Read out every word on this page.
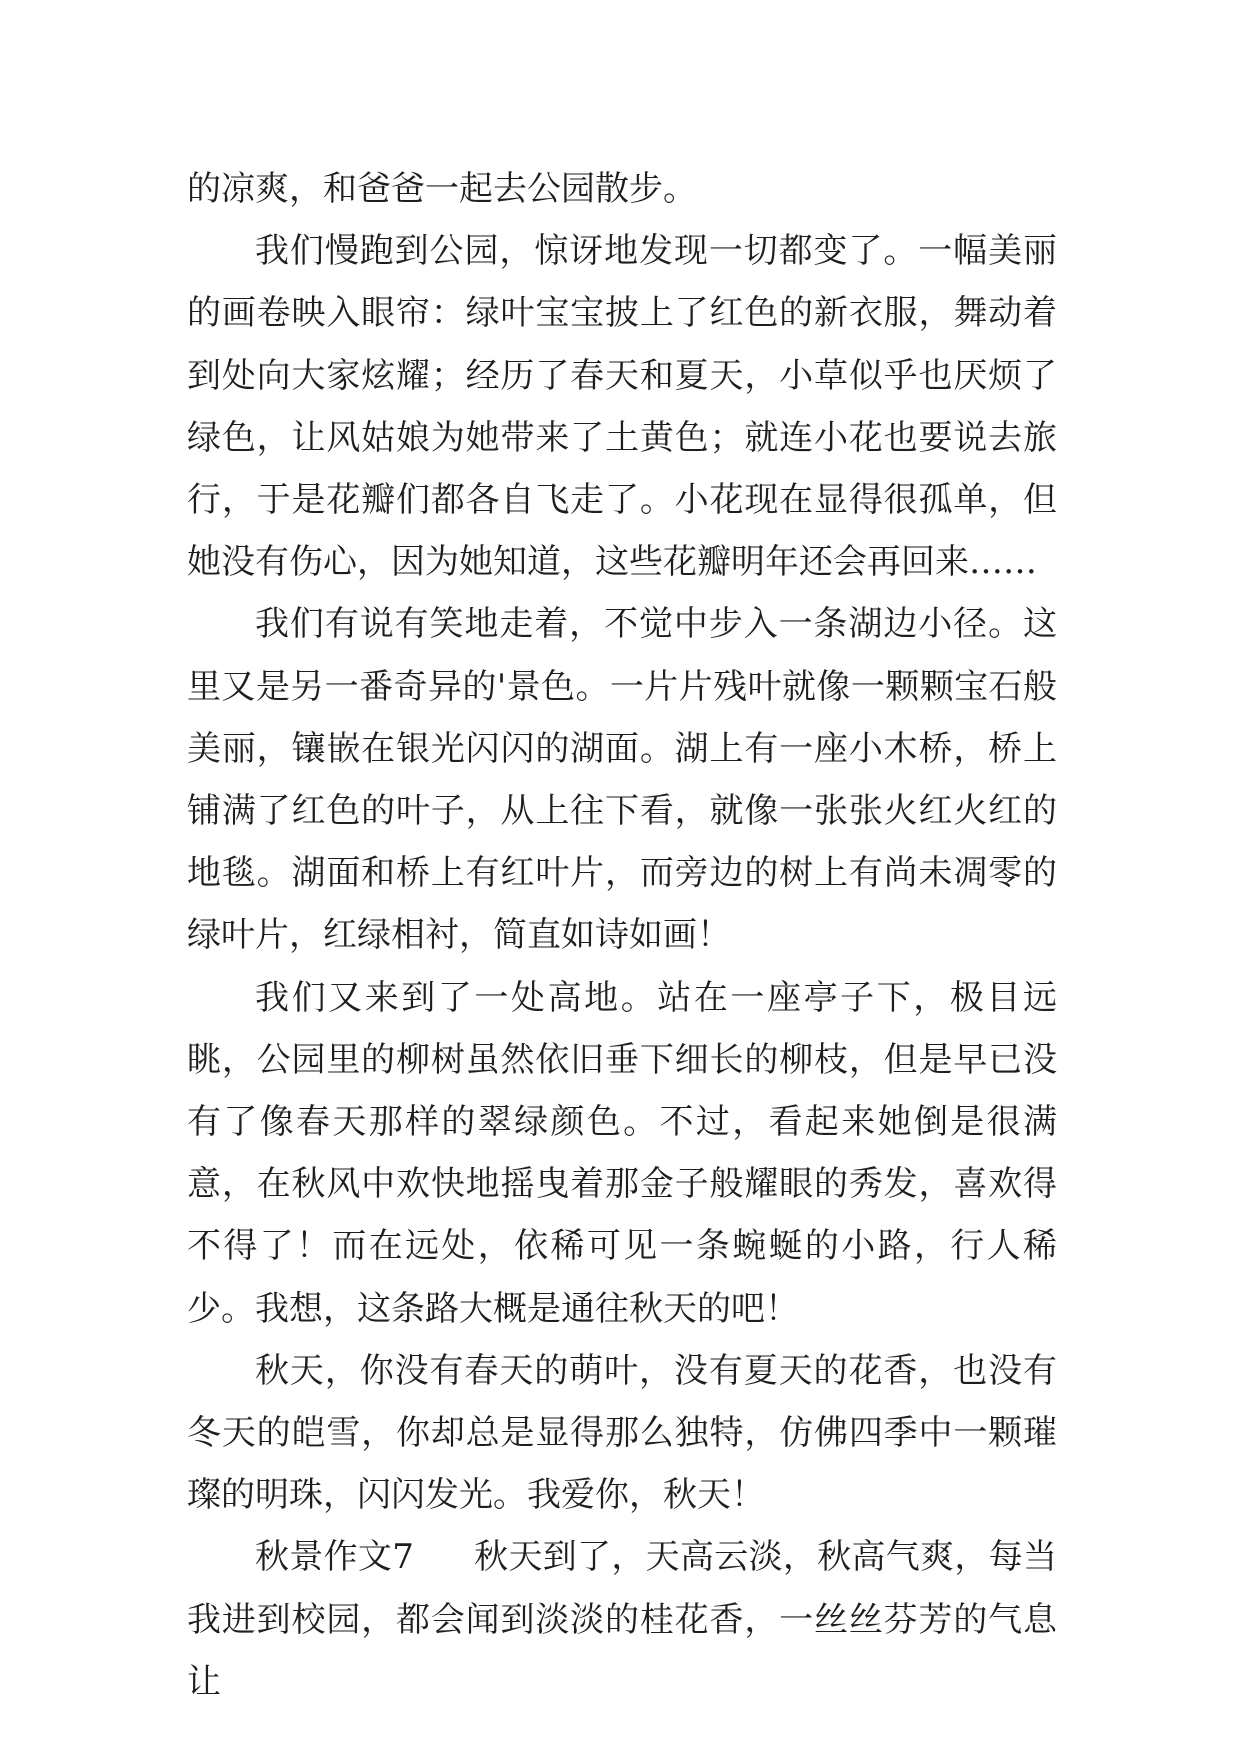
的凉爽，和爸爸一起去公园散步。

我们慢跑到公园，惊讶地发现一切都变了。一幅美丽的画卷映入眼帘：绿叶宝宝披上了红色的新衣服，舞动着到处向大家炫耀；经历了春天和夏天，小草似乎也厌烦了绿色，让风姑娘为她带来了土黄色；就连小花也要说去旅行，于是花瓣们都各自飞走了。小花现在显得很孤单，但她没有伤心，因为她知道，这些花瓣明年还会再回来……

我们有说有笑地走着，不觉中步入一条湖边小径。这里又是另一番奇异的'景色。一片片残叶就像一颗颗宝石般美丽，镶嵌在银光闪闪的湖面。湖上有一座小木桥，桥上铺满了红色的叶子，从上往下看，就像一张张火红火红的地毯。湖面和桥上有红叶片，而旁边的树上有尚未凋零的绿叶片，红绿相衬，简直如诗如画！

我们又来到了一处高地。站在一座亭子下，极目远眺，公园里的柳树虽然依旧垂下细长的柳枝，但是早已没有了像春天那样的翠绿颜色。不过，看起来她倒是很满意，在秋风中欢快地摇曳着那金子般耀眼的秀发，喜欢得不得了！而在远处，依稀可见一条蜿蜒的小路，行人稀少。我想，这条路大概是通往秋天的吧！

秋天，你没有春天的萌叶，没有夏天的花香，也没有冬天的皑雪，你却总是显得那么独特，仿佛四季中一颗璀璨的明珠，闪闪发光。我爱你，秋天！

秋景作文7 秋天到了，天高云淡，秋高气爽，每当我进到校园，都会闻到淡淡的桂花香，一丝丝芬芳的气息让
